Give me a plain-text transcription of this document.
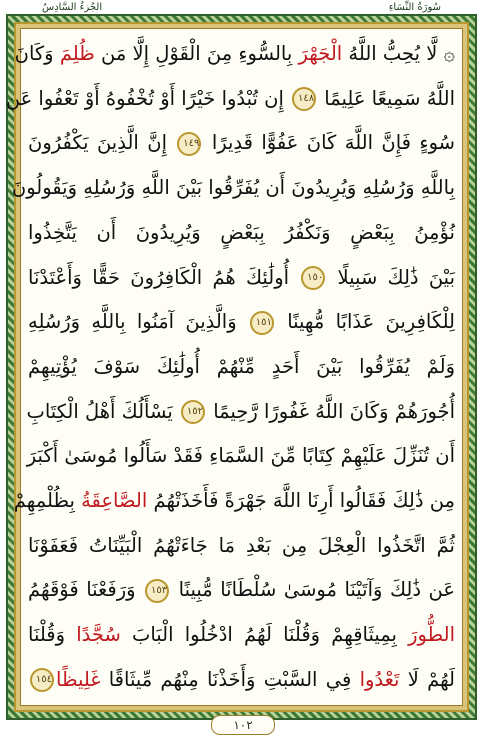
الجُزءُ السَّادِسُ	سُورَةُ النِّسَاءِ
۞ لَّا يُحِبُّ اللَّهُ الْجَهْرَ بِالسُّوءِ مِنَ الْقَوْلِ إِلَّا مَن ظُلِمَ وَكَانَ
اللَّهُ سَمِيعًا عَلِيمًا ١٤٨ إِن تُبْدُوا خَيْرًا أَوْ تُخْفُوهُ أَوْ تَعْفُوا عَن
سُوءٍ فَإِنَّ اللَّهَ كَانَ عَفُوًّا قَدِيرًا ١٤٩ إِنَّ الَّذِينَ يَكْفُرُونَ
بِاللَّهِ وَرُسُلِهِ وَيُرِيدُونَ أَن يُفَرِّقُوا بَيْنَ اللَّهِ وَرُسُلِهِ وَيَقُولُونَ
نُؤْمِنُ بِبَعْضٍ وَنَكْفُرُ بِبَعْضٍ وَيُرِيدُونَ أَن يَتَّخِذُوا
بَيْنَ ذَٰلِكَ سَبِيلًا ١٥٠ أُولَٰئِكَ هُمُ الْكَافِرُونَ حَقًّا وَأَعْتَدْنَا
لِلْكَافِرِينَ عَذَابًا مُّهِينًا ١٥١ وَالَّذِينَ آمَنُوا بِاللَّهِ وَرُسُلِهِ
وَلَمْ يُفَرِّقُوا بَيْنَ أَحَدٍ مِّنْهُمْ أُولَٰئِكَ سَوْفَ يُؤْتِيهِمْ
أُجُورَهُمْ وَكَانَ اللَّهُ غَفُورًا رَّحِيمًا ١٥٢ يَسْأَلُكَ أَهْلُ الْكِتَابِ
أَن تُنَزِّلَ عَلَيْهِمْ كِتَابًا مِّنَ السَّمَاءِ فَقَدْ سَأَلُوا مُوسَىٰ أَكْبَرَ
مِن ذَٰلِكَ فَقَالُوا أَرِنَا اللَّهَ جَهْرَةً فَأَخَذَتْهُمُ الصَّاعِقَةُ بِظُلْمِهِمْ
ثُمَّ اتَّخَذُوا الْعِجْلَ مِن بَعْدِ مَا جَاءَتْهُمُ الْبَيِّنَاتُ فَعَفَوْنَا
عَن ذَٰلِكَ وَآتَيْنَا مُوسَىٰ سُلْطَانًا مُّبِينًا ١٥٣ وَرَفَعْنَا فَوْقَهُمُ
الطُّورَ بِمِيثَاقِهِمْ وَقُلْنَا لَهُمُ ادْخُلُوا الْبَابَ سُجَّدًا وَقُلْنَا
لَهُمْ لَا تَعْدُوا فِي السَّبْتِ وَأَخَذْنَا مِنْهُم مِّيثَاقًا غَلِيظًا١٥٤
١٠٢
